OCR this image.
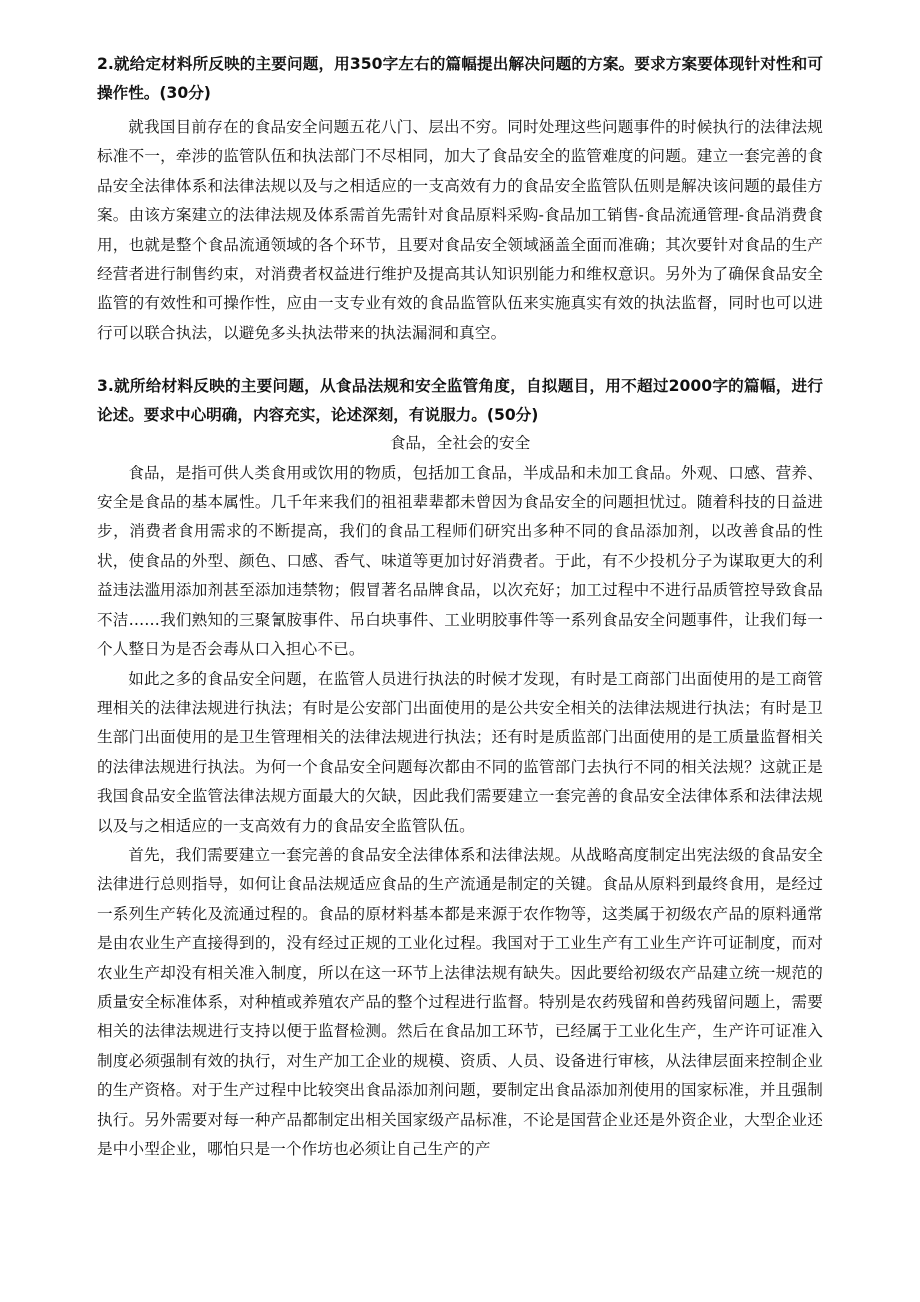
2.就给定材料所反映的主要问题，用350字左右的篇幅提出解决问题的方案。要求方案要体现针对性和可操作性。(30分)

就我国目前存在的食品安全问题五花八门、层出不穷。同时处理这些问题事件的时候执行的法律法规标准不一，牵涉的监管队伍和执法部门不尽相同，加大了食品安全的监管难度的问题。建立一套完善的食品安全法律体系和法律法规以及与之相适应的一支高效有力的食品安全监管队伍则是解决该问题的最佳方案。由该方案建立的法律法规及体系需首先需针对食品原料采购-食品加工销售-食品流通管理-食品消费食用，也就是整个食品流通领域的各个环节，且要对食品安全领域涵盖全面而准确；其次要针对食品的生产经营者进行制售约束，对消费者权益进行维护及提高其认知识别能力和维权意识。另外为了确保食品安全监管的有效性和可操作性，应由一支专业有效的食品监管队伍来实施真实有效的执法监督，同时也可以进行可以联合执法，以避免多头执法带来的执法漏洞和真空。

3.就所给材料反映的主要问题，从食品法规和安全监管角度，自拟题目，用不超过2000字的篇幅，进行论述。要求中心明确，内容充实，论述深刻，有说服力。(50分)

食品，全社会的安全

食品，是指可供人类食用或饮用的物质，包括加工食品，半成品和未加工食品。外观、口感、营养、安全是食品的基本属性。几千年来我们的祖祖辈辈都未曾因为食品安全的问题担忧过。随着科技的日益进步，消费者食用需求的不断提高，我们的食品工程师们研究出多种不同的食品添加剂，以改善食品的性状，使食品的外型、颜色、口感、香气、味道等更加讨好消费者。于此，有不少投机分子为谋取更大的利益违法滥用添加剂甚至添加违禁物；假冒著名品牌食品，以次充好；加工过程中不进行品质管控导致食品不洁……我们熟知的三聚氰胺事件、吊白块事件、工业明胶事件等一系列食品安全问题事件，让我们每一个人整日为是否会毒从口入担心不已。

如此之多的食品安全问题，在监管人员进行执法的时候才发现，有时是工商部门出面使用的是工商管理相关的法律法规进行执法；有时是公安部门出面使用的是公共安全相关的法律法规进行执法；有时是卫生部门出面使用的是卫生管理相关的法律法规进行执法；还有时是质监部门出面使用的是工质量监督相关的法律法规进行执法。为何一个食品安全问题每次都由不同的监管部门去执行不同的相关法规？这就正是我国食品安全监管法律法规方面最大的欠缺，因此我们需要建立一套完善的食品安全法律体系和法律法规以及与之相适应的一支高效有力的食品安全监管队伍。

首先，我们需要建立一套完善的食品安全法律体系和法律法规。从战略高度制定出宪法级的食品安全法律进行总则指导，如何让食品法规适应食品的生产流通是制定的关键。食品从原料到最终食用，是经过一系列生产转化及流通过程的。食品的原材料基本都是来源于农作物等，这类属于初级农产品的原料通常是由农业生产直接得到的，没有经过正规的工业化过程。我国对于工业生产有工业生产许可证制度，而对农业生产却没有相关准入制度，所以在这一环节上法律法规有缺失。因此要给初级农产品建立统一规范的质量安全标准体系，对种植或养殖农产品的整个过程进行监督。特别是农药残留和兽药残留问题上，需要相关的法律法规进行支持以便于监督检测。然后在食品加工环节，已经属于工业化生产，生产许可证准入制度必须强制有效的执行，对生产加工企业的规模、资质、人员、设备进行审核，从法律层面来控制企业的生产资格。对于生产过程中比较突出食品添加剂问题，要制定出食品添加剂使用的国家标准，并且强制执行。另外需要对每一种产品都制定出相关国家级产品标准，不论是国营企业还是外资企业，大型企业还是中小型企业，哪怕只是一个作坊也必须让自己生产的产
